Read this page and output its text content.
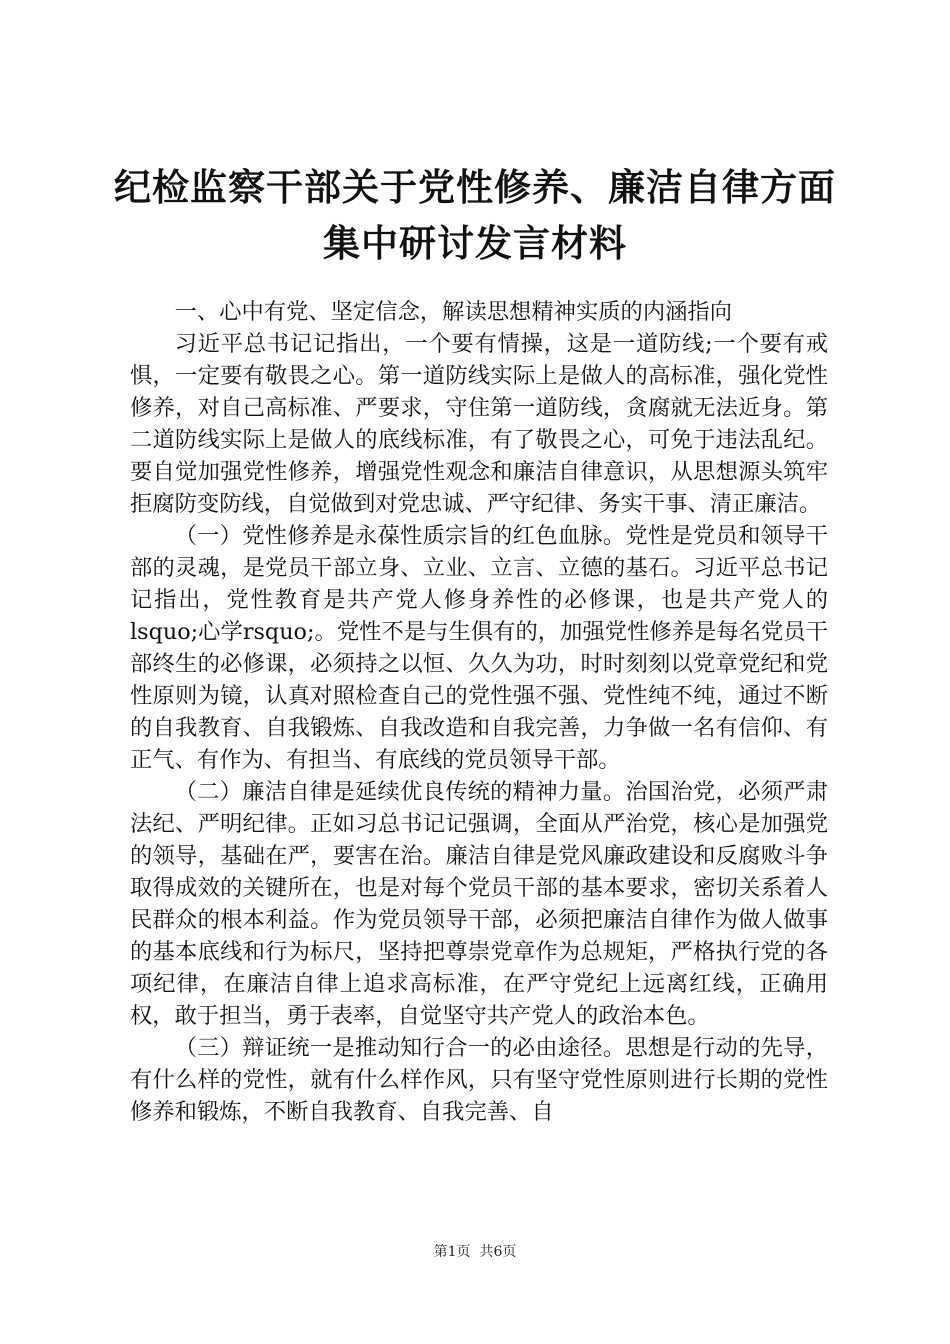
纪检监察干部关于党性修养、廉洁自律方面集中研讨发言材料

一、心中有党、坚定信念，解读思想精神实质的内涵指向

习近平总书记记指出，一个要有情操，这是一道防线;一个要有戒惧，一定要有敬畏之心。第一道防线实际上是做人的高标准，强化党性修养，对自己高标准、严要求，守住第一道防线，贪腐就无法近身。第二道防线实际上是做人的底线标准，有了敬畏之心，可免于违法乱纪。要自觉加强党性修养，增强党性观念和廉洁自律意识，从思想源头筑牢拒腐防变防线，自觉做到对党忠诚、严守纪律、务实干事、清正廉洁。

（一）党性修养是永葆性质宗旨的红色血脉。党性是党员和领导干部的灵魂，是党员干部立身、立业、立言、立德的基石。习近平总书记记指出，党性教育是共产党人修身养性的必修课，也是共产党人的lsquo;心学rsquo;。党性不是与生俱有的，加强党性修养是每名党员干部终生的必修课，必须持之以恒、久久为功，时时刻刻以党章党纪和党性原则为镜，认真对照检查自己的党性强不强、党性纯不纯，通过不断的自我教育、自我锻炼、自我改造和自我完善，力争做一名有信仰、有正气、有作为、有担当、有底线的党员领导干部。

（二）廉洁自律是延续优良传统的精神力量。治国治党，必须严肃法纪、严明纪律。正如习总书记记强调，全面从严治党，核心是加强党的领导，基础在严，要害在治。廉洁自律是党风廉政建设和反腐败斗争取得成效的关键所在，也是对每个党员干部的基本要求，密切关系着人民群众的根本利益。作为党员领导干部，必须把廉洁自律作为做人做事的基本底线和行为标尺，坚持把尊崇党章作为总规矩，严格执行党的各项纪律，在廉洁自律上追求高标准，在严守党纪上远离红线，正确用权，敢于担当，勇于表率，自觉坚守共产党人的政治本色。

（三）辩证统一是推动知行合一的必由途径。思想是行动的先导，有什么样的党性，就有什么样作风，只有坚守党性原则进行长期的党性修养和锻炼，不断自我教育、自我完善、自

第1页 共6页
